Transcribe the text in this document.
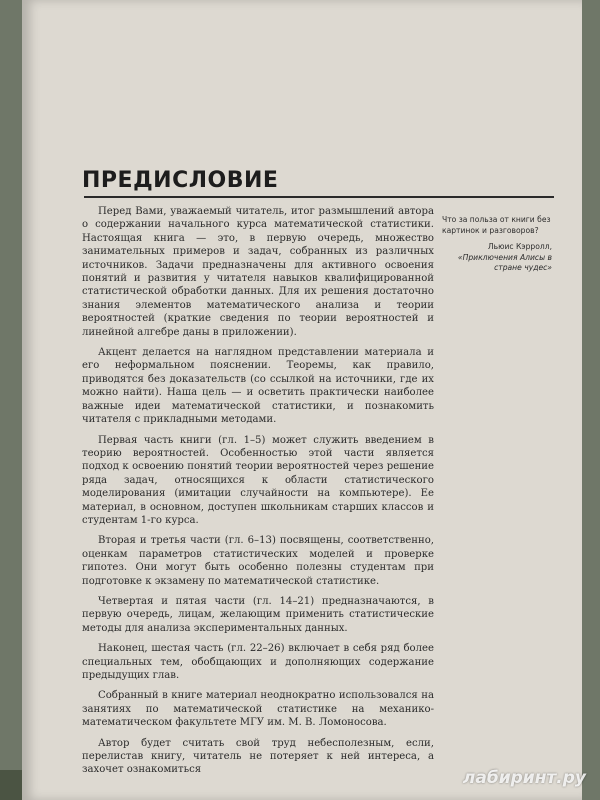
ПРЕДИСЛОВИЕ

Перед Вами, уважаемый читатель, итог размышлений автора о содержании начального курса математической статистики. Настоящая книга — это, в первую очередь, множество занимательных примеров и задач, собранных из различных источников. Задачи предназначены для активного освоения понятий и развития у читателя навыков квалифицированной статистической обработки данных. Для их решения достаточно знания элементов математического анализа и теории вероятностей (краткие сведения по теории вероятностей и линейной алгебре даны в приложении).

Акцент делается на наглядном представлении материала и его неформальном пояснении. Теоремы, как правило, приводятся без доказательств (со ссылкой на источники, где их можно найти). Наша цель — и осветить практически наиболее важные идеи математической статистики, и познакомить читателя с прикладными методами.

Первая часть книги (гл. 1–5) может служить введением в теорию вероятностей. Особенностью этой части является подход к освоению понятий теории вероятностей через решение ряда задач, относящихся к области статистического моделирования (имитации случайности на компьютере). Ее материал, в основном, доступен школьникам старших классов и студентам 1-го курса.

Вторая и третья части (гл. 6–13) посвящены, соответственно, оценкам параметров статистических моделей и проверке гипотез. Они могут быть особенно полезны студентам при подготовке к экзамену по математической статистике.

Четвертая и пятая части (гл. 14–21) предназначаются, в первую очередь, лицам, желающим применить статистические методы для анализа экспериментальных данных.

Наконец, шестая часть (гл. 22–26) включает в себя ряд более специальных тем, обобщающих и дополняющих содержание предыдущих глав.

Собранный в книге материал неоднократно использовался на занятиях по математической статистике на механико-математическом факультете МГУ им. М. В. Ломоносова.

Автор будет считать свой труд небесполезным, если, перелистав книгу, читатель не потеряет к ней интереса, а захочет ознакомиться

Что за польза от книги без картинок и разговоров?

Льюис Кэрролл,

«Приключения Алисы в стране чудес»

лабиринт.ру
